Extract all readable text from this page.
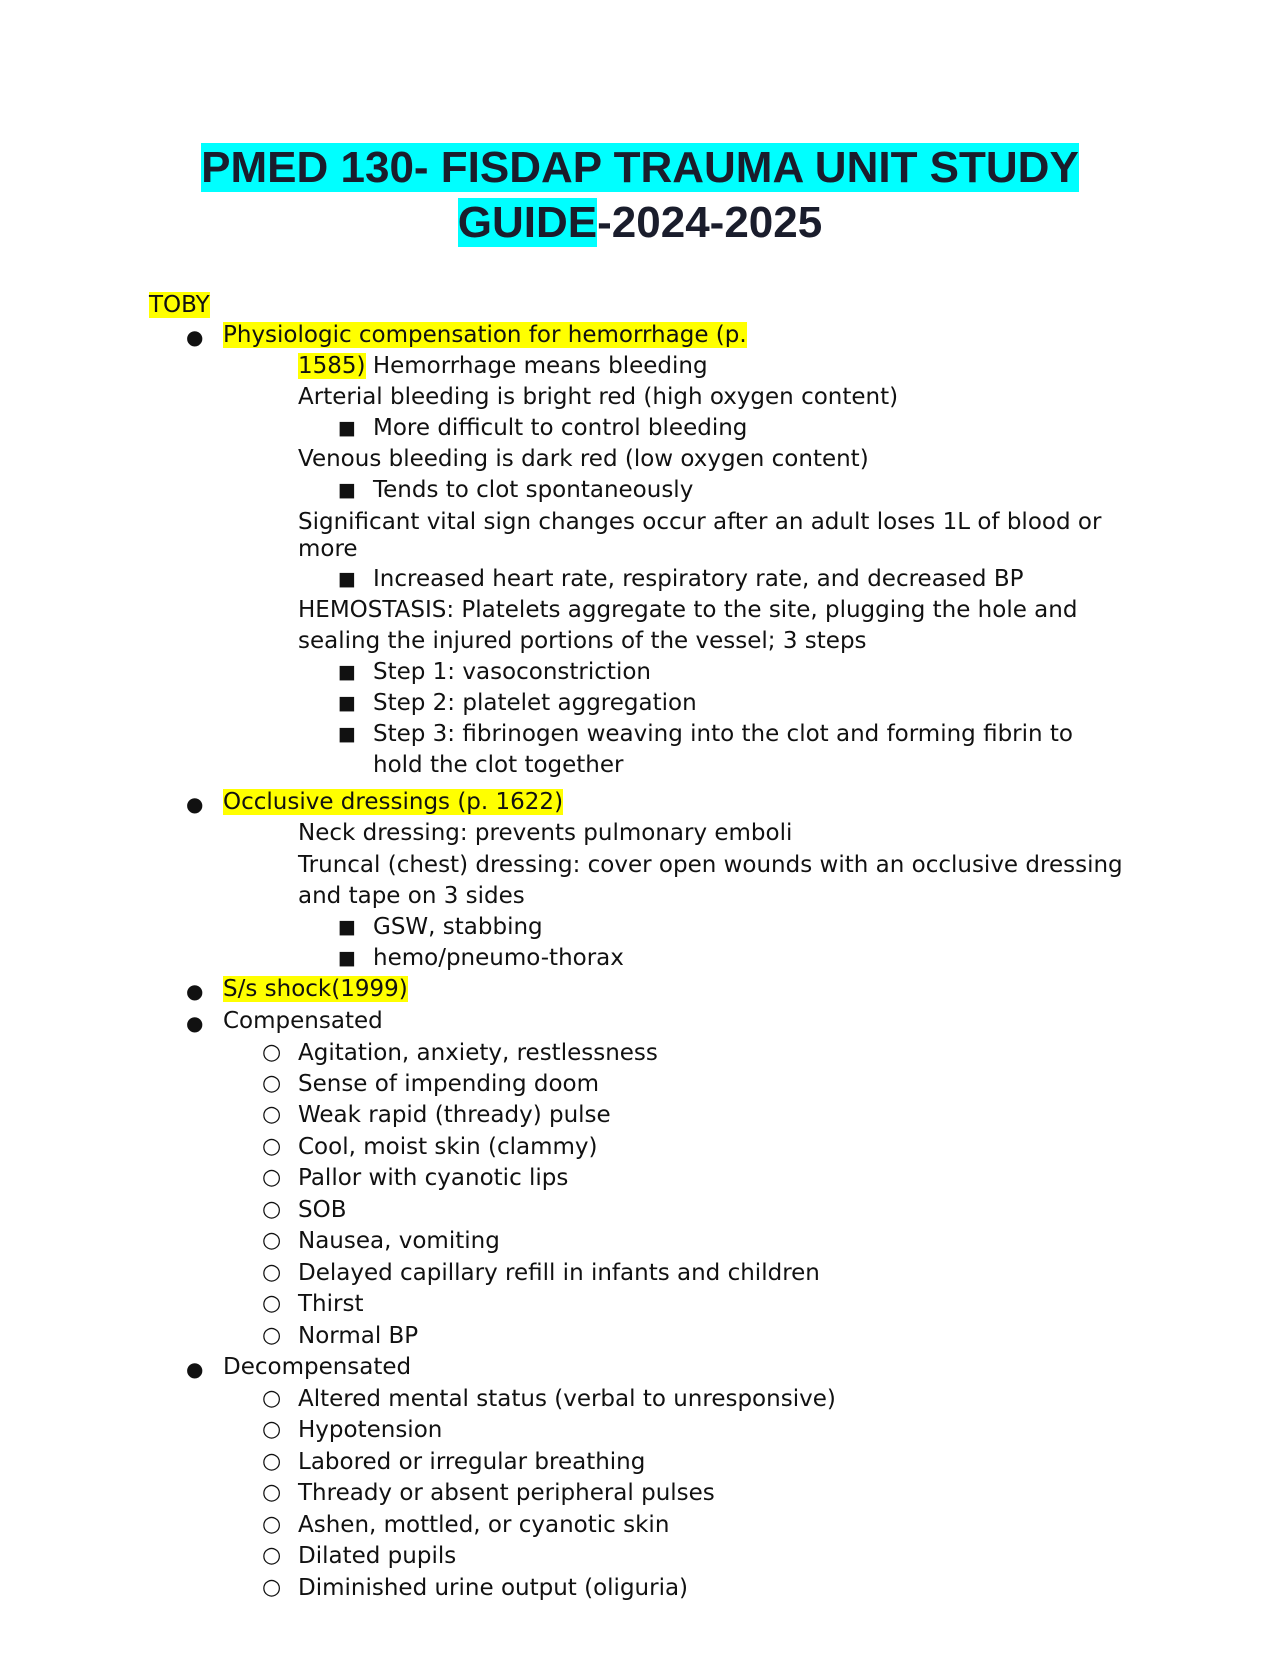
PMED 130- FISDAP TRAUMA UNIT STUDY
GUIDE-2024-2025
TOBY
● Physiologic compensation for hemorrhage (p.
1585) Hemorrhage means bleeding
Arterial bleeding is bright red (high oxygen content)
■ More difficult to control bleeding
Venous bleeding is dark red (low oxygen content)
■ Tends to clot spontaneously
Significant vital sign changes occur after an adult loses 1L of blood or
more
■ Increased heart rate, respiratory rate, and decreased BP
HEMOSTASIS: Platelets aggregate to the site, plugging the hole and
sealing the injured portions of the vessel; 3 steps
■ Step 1: vasoconstriction
■ Step 2: platelet aggregation
■ Step 3: fibrinogen weaving into the clot and forming fibrin to
hold the clot together
● Occlusive dressings (p. 1622)
Neck dressing: prevents pulmonary emboli
Truncal (chest) dressing: cover open wounds with an occlusive dressing
and tape on 3 sides
■ GSW, stabbing
■ hemo/pneumo-thorax
● S/s shock(1999)
● Compensated
○ Agitation, anxiety, restlessness
○ Sense of impending doom
○ Weak rapid (thready) pulse
○ Cool, moist skin (clammy)
○ Pallor with cyanotic lips
○ SOB
○ Nausea, vomiting
○ Delayed capillary refill in infants and children
○ Thirst
○ Normal BP
● Decompensated
○ Altered mental status (verbal to unresponsive)
○ Hypotension
○ Labored or irregular breathing
○ Thready or absent peripheral pulses
○ Ashen, mottled, or cyanotic skin
○ Dilated pupils
○ Diminished urine output (oliguria)
